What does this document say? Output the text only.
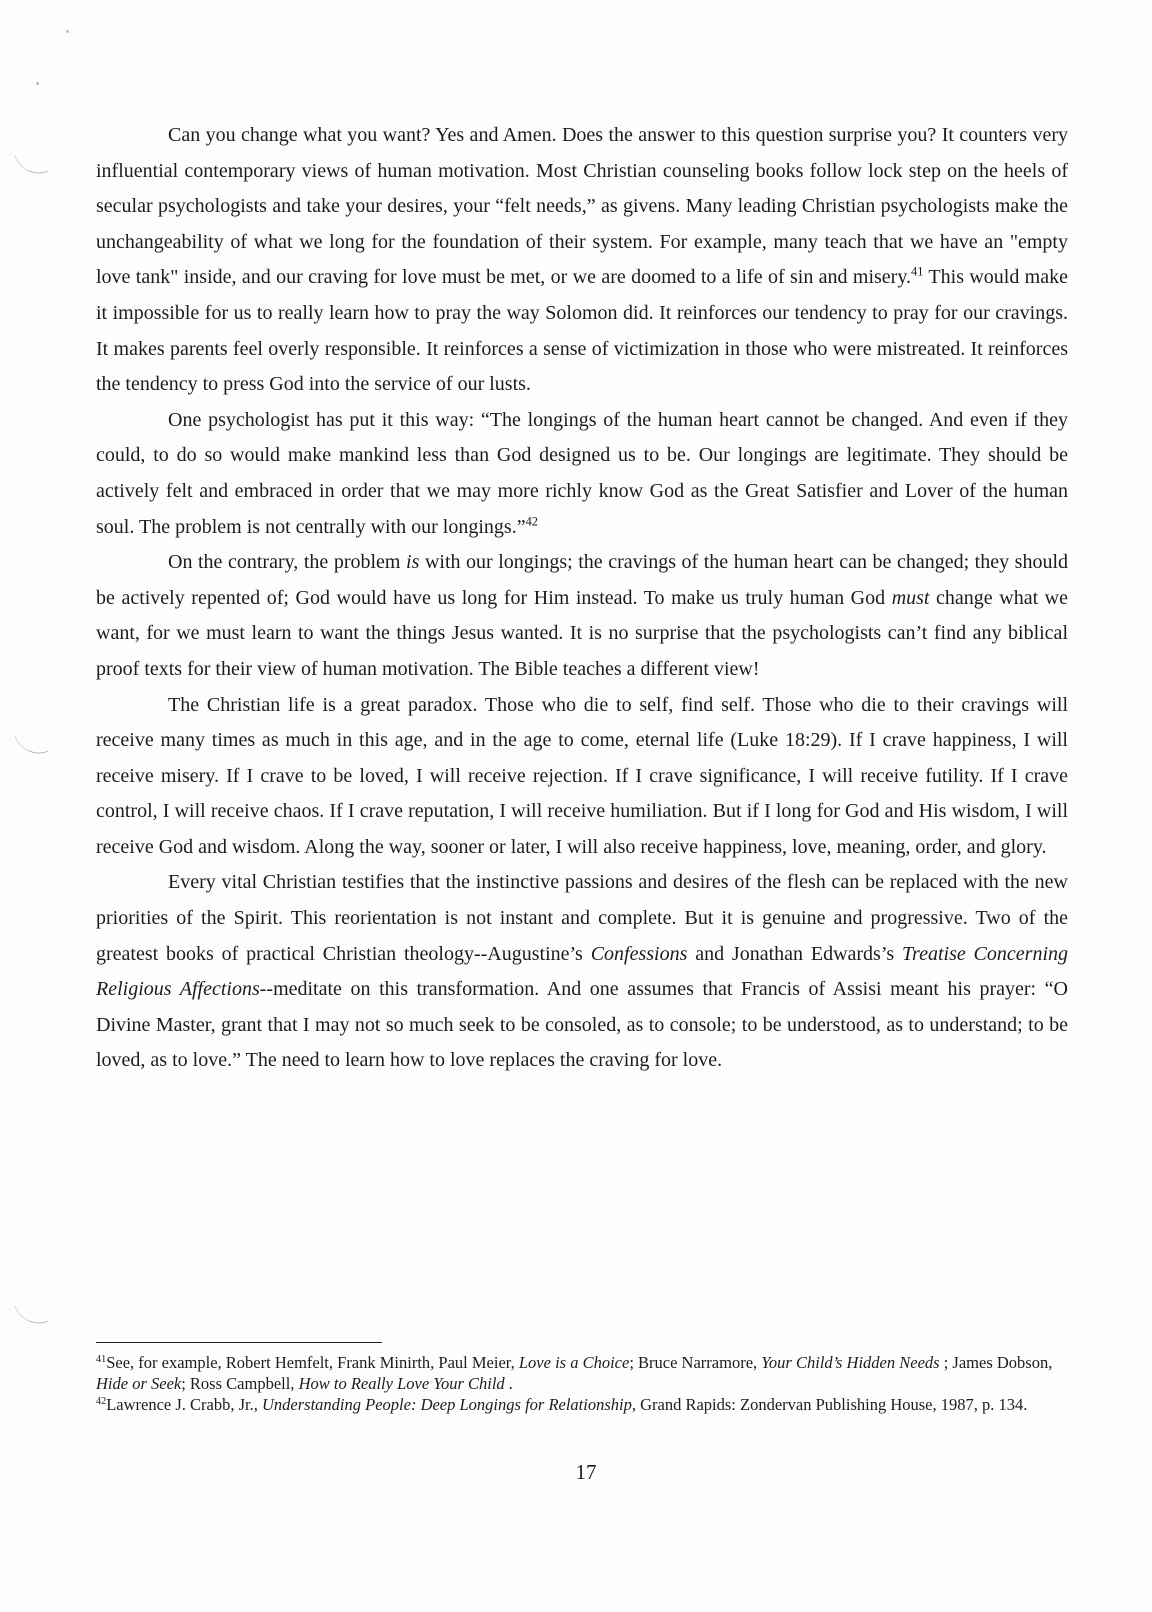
Can you change what you want? Yes and Amen. Does the answer to this question surprise you? It counters very influential contemporary views of human motivation. Most Christian counseling books follow lock step on the heels of secular psychologists and take your desires, your “felt needs,” as givens. Many leading Christian psychologists make the unchangeability of what we long for the foundation of their system. For example, many teach that we have an "empty love tank" inside, and our craving for love must be met, or we are doomed to a life of sin and misery.$^{41}$ This would make it impossible for us to really learn how to pray the way Solomon did. It reinforces our tendency to pray for our cravings. It makes parents feel overly responsible. It reinforces a sense of victimization in those who were mistreated. It reinforces the tendency to press God into the service of our lusts.

One psychologist has put it this way: “The longings of the human heart cannot be changed. And even if they could, to do so would make mankind less than God designed us to be. Our longings are legitimate. They should be actively felt and embraced in order that we may more richly know God as the Great Satisfier and Lover of the human soul. The problem is not centrally with our longings.”$^{42}$

On the contrary, the problem is with our longings; the cravings of the human heart can be changed; they should be actively repented of; God would have us long for Him instead. To make us truly human God must change what we want, for we must learn to want the things Jesus wanted. It is no surprise that the psychologists can’t find any biblical proof texts for their view of human motivation. The Bible teaches a different view!

The Christian life is a great paradox. Those who die to self, find self. Those who die to their cravings will receive many times as much in this age, and in the age to come, eternal life (Luke 18:29). If I crave happiness, I will receive misery. If I crave to be loved, I will receive rejection. If I crave significance, I will receive futility. If I crave control, I will receive chaos. If I crave reputation, I will receive humiliation. But if I long for God and His wisdom, I will receive God and wisdom. Along the way, sooner or later, I will also receive happiness, love, meaning, order, and glory.

Every vital Christian testifies that the instinctive passions and desires of the flesh can be replaced with the new priorities of the Spirit. This reorientation is not instant and complete. But it is genuine and progressive. Two of the greatest books of practical Christian theology--Augustine’s Confessions and Jonathan Edwards’s Treatise Concerning Religious Affections--meditate on this transformation. And one assumes that Francis of Assisi meant his prayer: “O Divine Master, grant that I may not so much seek to be consoled, as to console; to be understood, as to understand; to be loved, as to love.” The need to learn how to love replaces the craving for love.

$^{41}$See, for example, Robert Hemfelt, Frank Minirth, Paul Meier, Love is a Choice; Bruce Narramore, Your Child’s Hidden Needs ; James Dobson, Hide or Seek; Ross Campbell, How to Really Love Your Child .

$^{42}$Lawrence J. Crabb, Jr., Understanding People: Deep Longings for Relationship, Grand Rapids: Zondervan Publishing House, 1987, p. 134.

17
